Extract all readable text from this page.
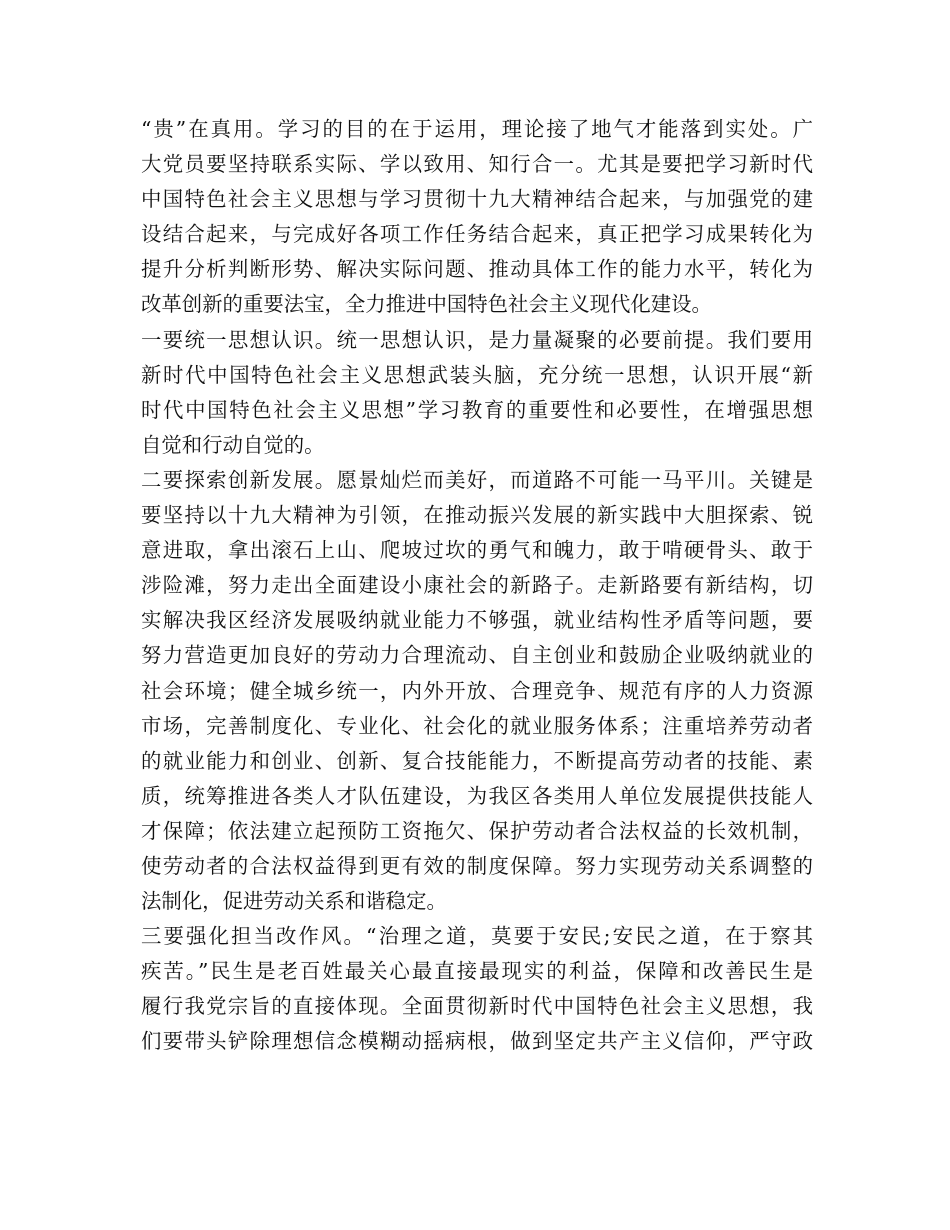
“贵”在真用。学习的目的在于运用，理论接了地气才能落到实处。广
大党员要坚持联系实际、学以致用、知行合一。尤其是要把学习新时代
中国特色社会主义思想与学习贯彻十九大精神结合起来，与加强党的建
设结合起来，与完成好各项工作任务结合起来，真正把学习成果转化为
提升分析判断形势、解决实际问题、推动具体工作的能力水平，转化为
改革创新的重要法宝，全力推进中国特色社会主义现代化建设。
一要统一思想认识。统一思想认识，是力量凝聚的必要前提。我们要用
新时代中国特色社会主义思想武装头脑，充分统一思想，认识开展“新
时代中国特色社会主义思想”学习教育的重要性和必要性，在增强思想
自觉和行动自觉的。
二要探索创新发展。愿景灿烂而美好，而道路不可能一马平川。关键是
要坚持以十九大精神为引领，在推动振兴发展的新实践中大胆探索、锐
意进取，拿出滚石上山、爬坡过坎的勇气和魄力，敢于啃硬骨头、敢于
涉险滩，努力走出全面建设小康社会的新路子。走新路要有新结构，切
实解决我区经济发展吸纳就业能力不够强，就业结构性矛盾等问题，要
努力营造更加良好的劳动力合理流动、自主创业和鼓励企业吸纳就业的
社会环境；健全城乡统一，内外开放、合理竞争、规范有序的人力资源
市场，完善制度化、专业化、社会化的就业服务体系；注重培养劳动者
的就业能力和创业、创新、复合技能能力，不断提高劳动者的技能、素
质，统筹推进各类人才队伍建设，为我区各类用人单位发展提供技能人
才保障；依法建立起预防工资拖欠、保护劳动者合法权益的长效机制，
使劳动者的合法权益得到更有效的制度保障。努力实现劳动关系调整的
法制化，促进劳动关系和谐稳定。
三要强化担当改作风。“治理之道，莫要于安民;安民之道，在于察其
疾苦。”民生是老百姓最关心最直接最现实的利益，保障和改善民生是
履行我党宗旨的直接体现。全面贯彻新时代中国特色社会主义思想，我
们要带头铲除理想信念模糊动摇病根，做到坚定共产主义信仰，严守政
